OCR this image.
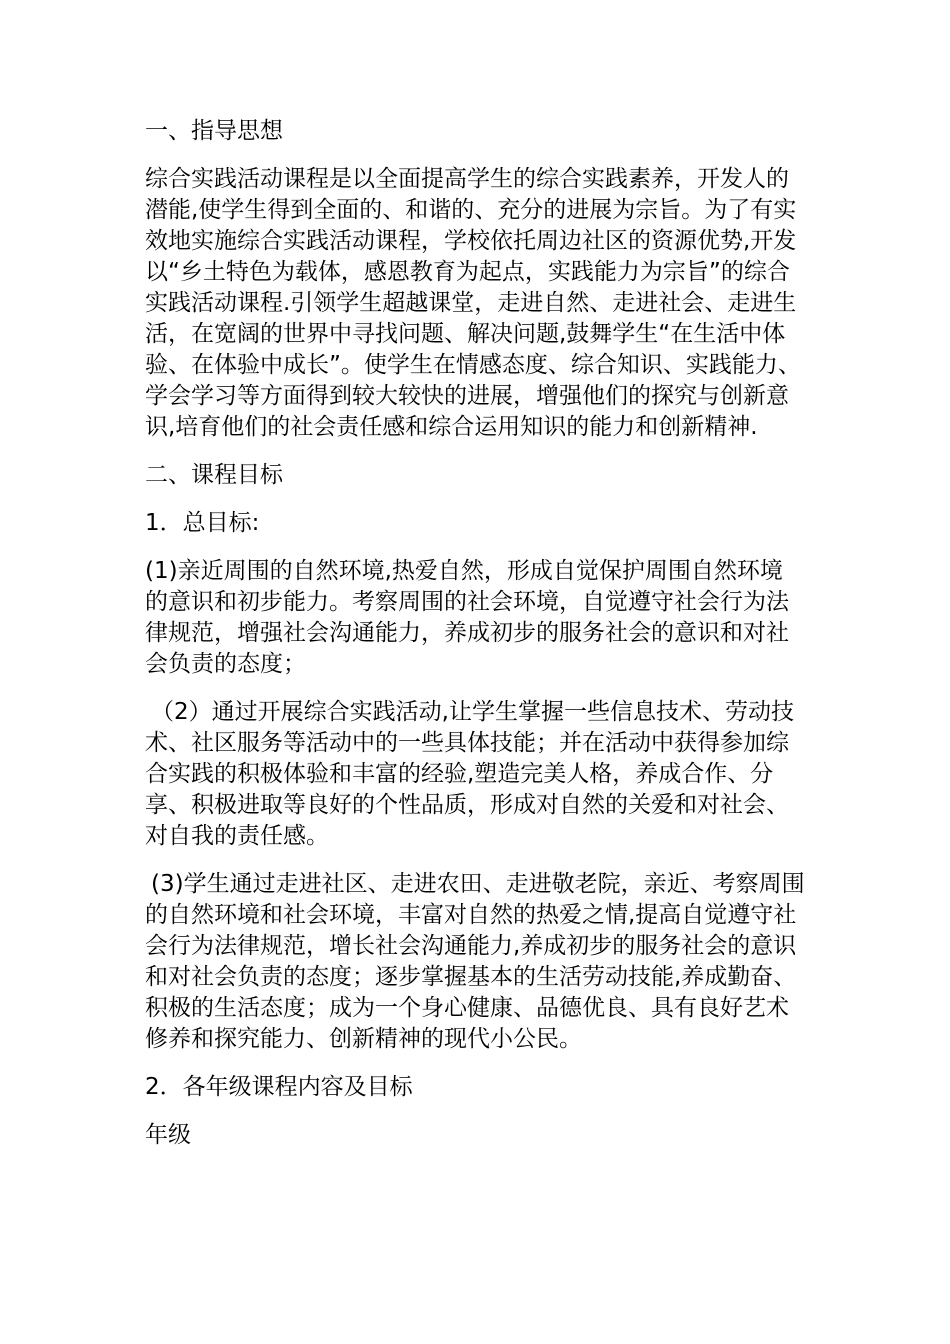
一、指导思想
综合实践活动课程是以全面提高学生的综合实践素养，开发人的潜能,使学生得到全面的、和谐的、充分的进展为宗旨。为了有实效地实施综合实践活动课程，学校依托周边社区的资源优势,开发以“乡土特色为载体，感恩教育为起点，实践能力为宗旨”的综合实践活动课程.引领学生超越课堂，走进自然、走进社会、走进生活，在宽阔的世界中寻找问题、解决问题,鼓舞学生“在生活中体验、在体验中成长”。使学生在情感态度、综合知识、实践能力、学会学习等方面得到较大较快的进展，增强他们的探究与创新意识,培育他们的社会责任感和综合运用知识的能力和创新精神.
二、课程目标
1．总目标:
(1)亲近周围的自然环境,热爱自然，形成自觉保护周围自然环境的意识和初步能力。考察周围的社会环境，自觉遵守社会行为法律规范，增强社会沟通能力，养成初步的服务社会的意识和对社会负责的态度；
（2）通过开展综合实践活动,让学生掌握一些信息技术、劳动技术、社区服务等活动中的一些具体技能；并在活动中获得参加综合实践的积极体验和丰富的经验,塑造完美人格，养成合作、分享、积极进取等良好的个性品质，形成对自然的关爱和对社会、对自我的责任感。
(3)学生通过走进社区、走进农田、走进敬老院，亲近、考察周围的自然环境和社会环境，丰富对自然的热爱之情,提高自觉遵守社会行为法律规范，增长社会沟通能力,养成初步的服务社会的意识和对社会负责的态度；逐步掌握基本的生活劳动技能,养成勤奋、积极的生活态度；成为一个身心健康、品德优良、具有良好艺术修养和探究能力、创新精神的现代小公民。
2．各年级课程内容及目标
年级
